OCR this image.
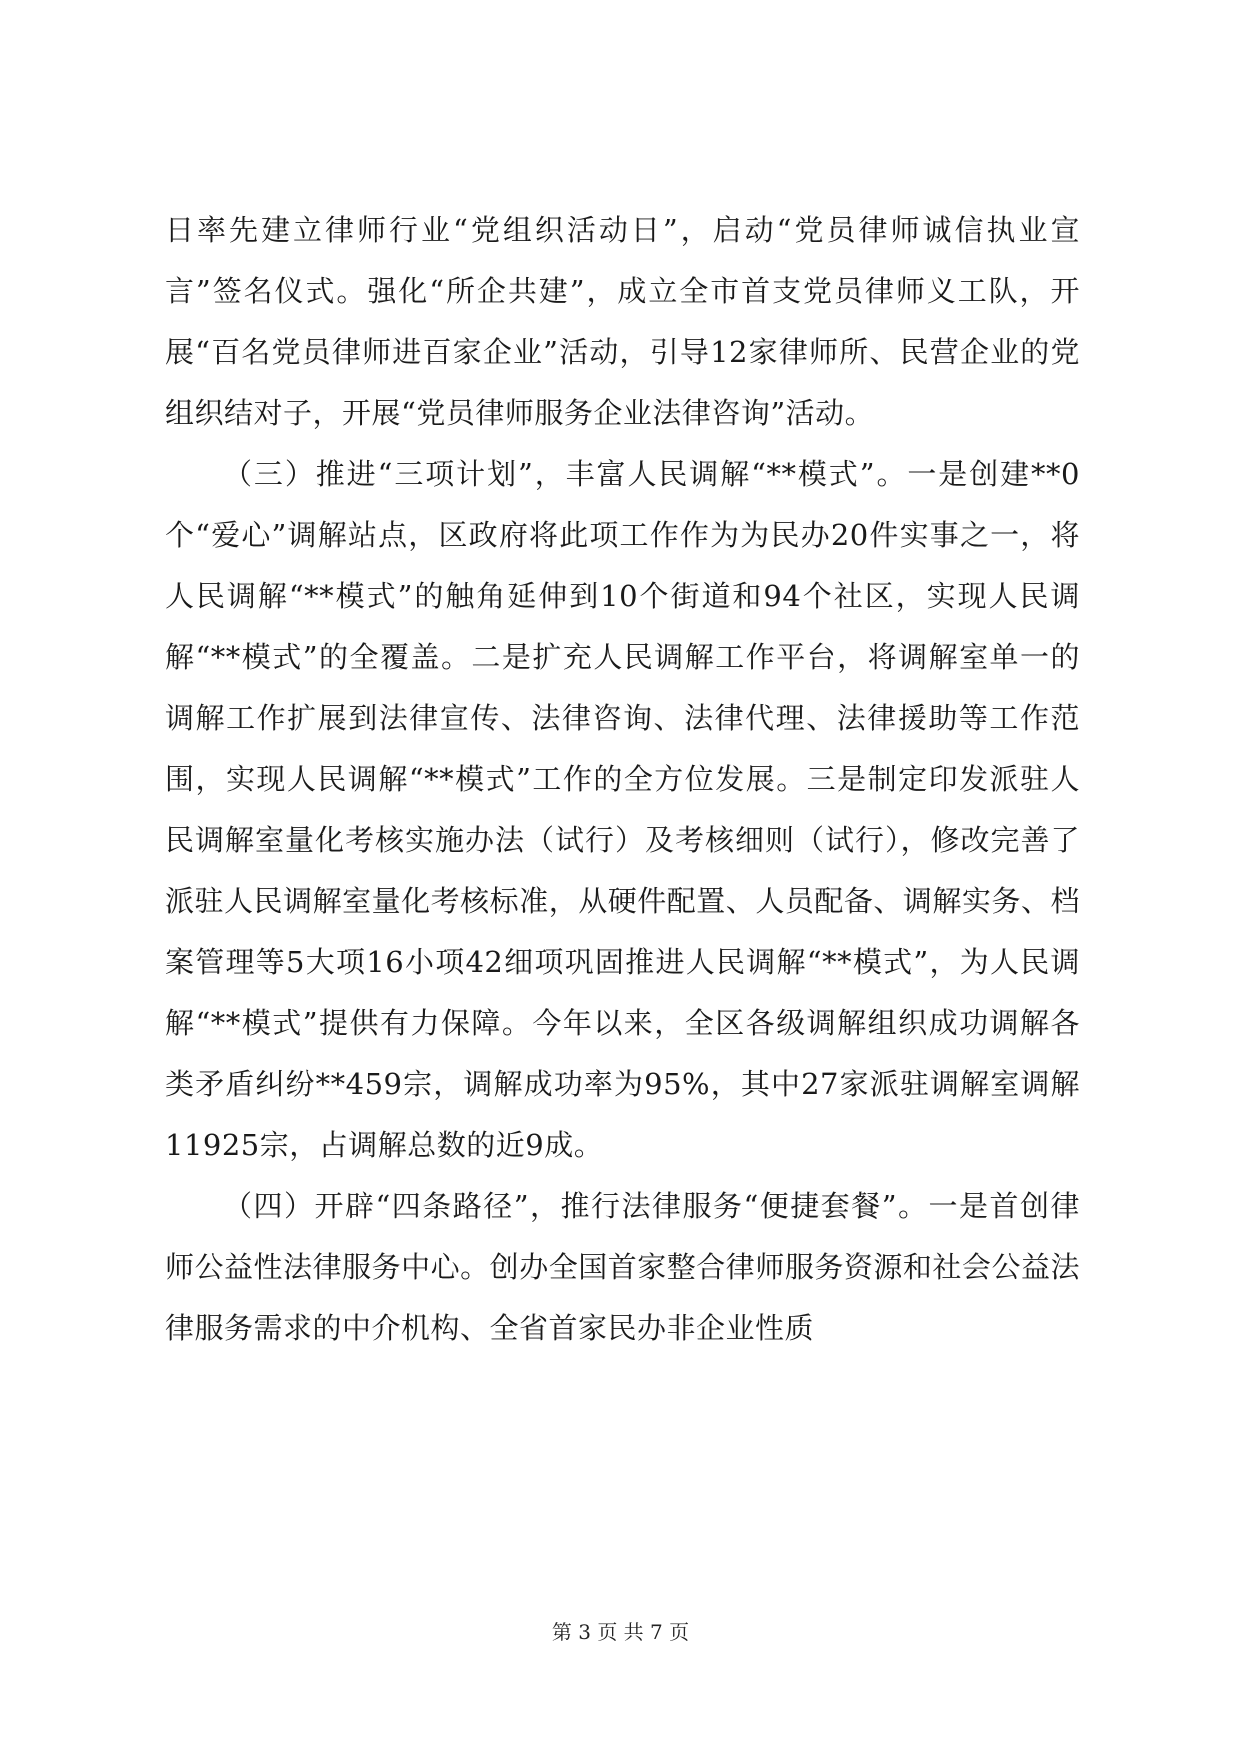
日率先建立律师行业“党组织活动日”，启动“党员律师诚信执业宣言”签名仪式。强化“所企共建”，成立全市首支党员律师义工队，开展“百名党员律师进百家企业”活动，引导12家律师所、民营企业的党组织结对子，开展“党员律师服务企业法律咨询”活动。

（三）推进“三项计划”，丰富人民调解“**模式”。一是创建**0个“爱心”调解站点，区政府将此项工作作为为民办20件实事之一，将人民调解“**模式”的触角延伸到10个街道和94个社区，实现人民调解“**模式”的全覆盖。二是扩充人民调解工作平台，将调解室单一的调解工作扩展到法律宣传、法律咨询、法律代理、法律援助等工作范围，实现人民调解“**模式”工作的全方位发展。三是制定印发派驻人民调解室量化考核实施办法（试行）及考核细则（试行），修改完善了派驻人民调解室量化考核标准，从硬件配置、人员配备、调解实务、档案管理等5大项16小项42细项巩固推进人民调解“**模式”，为人民调解“**模式”提供有力保障。今年以来，全区各级调解组织成功调解各类矛盾纠纷**459宗，调解成功率为95%，其中27家派驻调解室调解11925宗，占调解总数的近9成。

（四）开辟“四条路径”，推行法律服务“便捷套餐”。一是首创律师公益性法律服务中心。创办全国首家整合律师服务资源和社会公益法律服务需求的中介机构、全省首家民办非企业性质

第 3 页 共 7 页
